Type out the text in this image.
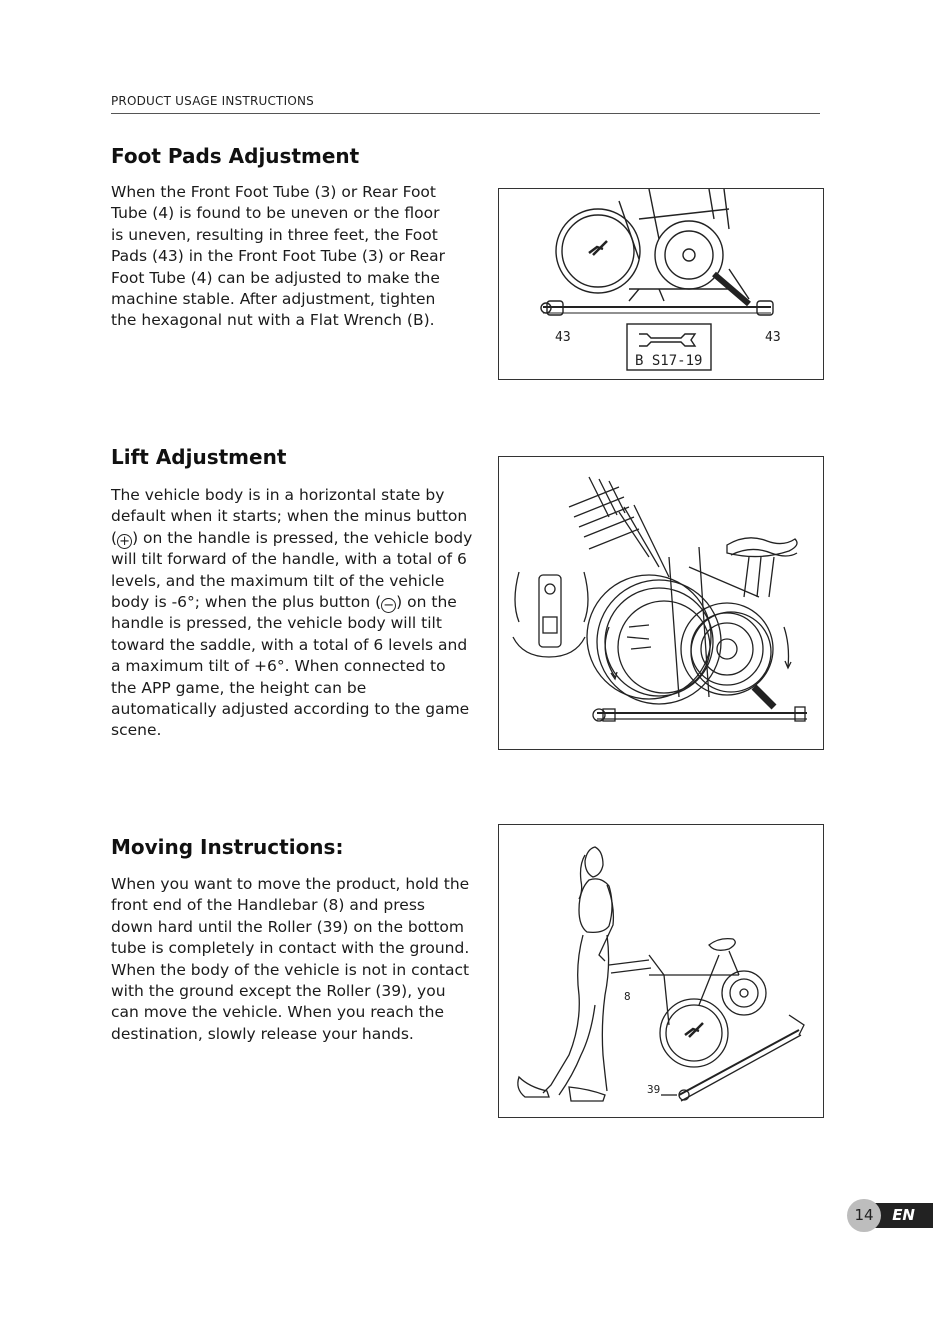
PRODUCT USAGE INSTRUCTIONS
Foot Pads Adjustment

When the Front Foot Tube (3) or Rear Foot Tube (4) is found to be uneven or the floor is uneven, resulting in three feet, the Foot Pads (43) in the Front Foot Tube (3) or Rear Foot Tube (4) can be adjusted to make the machine stable. After adjustment, tighten the hexagonal nut with a Flat Wrench (B).

43	43
B S17-19
Lift Adjustment

The vehicle body is in a horizontal state by default when it starts; when the minus button ( + ) on the handle is pressed, the vehicle body will tilt forward of the handle, with a total of 6 levels, and the maximum tilt of the vehicle body is -6°; when the plus button ( − ) on the handle is pressed, the vehicle body will tilt toward the saddle, with a total of 6 levels and a maximum tilt of +6°. When connected to the APP game, the height can be automatically adjusted according to the game scene.

Moving Instructions:

When you want to move the product, hold the front end of the Handlebar (8) and press down hard until the Roller (39) on the bottom tube is completely in contact with the ground. When the body of the vehicle is not in contact with the ground except the Roller (39), you can move the vehicle. When you reach the destination, slowly release your hands.

8
39
14	EN
